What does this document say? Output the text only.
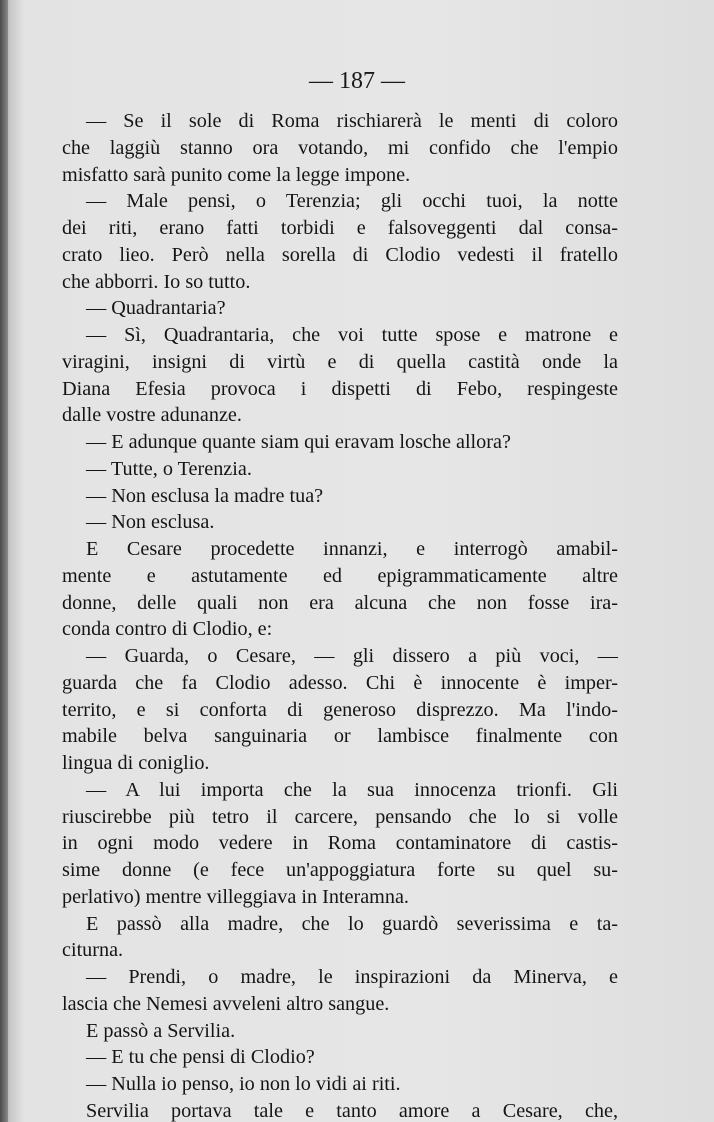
— 187 —
— Se il sole di Roma rischiarerà le menti di coloro
che laggiù stanno ora votando, mi confido che l'empio
misfatto sarà punito come la legge impone.
— Male pensi, o Terenzia; gli occhi tuoi, la notte
dei riti, erano fatti torbidi e falsoveggenti dal consa-
crato lieo. Però nella sorella di Clodio vedesti il fratello
che abborri. Io so tutto.
— Quadrantaria?
— Sì, Quadrantaria, che voi tutte spose e matrone e
viragini, insigni di virtù e di quella castità onde la
Diana Efesia provoca i dispetti di Febo, respingeste
dalle vostre adunanze.
— E adunque quante siam qui eravam losche allora?
— Tutte, o Terenzia.
— Non esclusa la madre tua?
— Non esclusa.
E Cesare procedette innanzi, e interrogò amabil-
mente e astutamente ed epigrammaticamente altre
donne, delle quali non era alcuna che non fosse ira-
conda contro di Clodio, e:
— Guarda, o Cesare, — gli dissero a più voci, —
guarda che fa Clodio adesso. Chi è innocente è imper-
territo, e si conforta di generoso disprezzo. Ma l'indo-
mabile belva sanguinaria or lambisce finalmente con
lingua di coniglio.
— A lui importa che la sua innocenza trionfi. Gli
riuscirebbe più tetro il carcere, pensando che lo si volle
in ogni modo vedere in Roma contaminatore di castis-
sime donne (e fece un'appoggiatura forte su quel su-
perlativo) mentre villeggiava in Interamna.
E passò alla madre, che lo guardò severissima e ta-
citurna.
— Prendi, o madre, le inspirazioni da Minerva, e
lascia che Nemesi avveleni altro sangue.
E passò a Servilia.
— E tu che pensi di Clodio?
— Nulla io penso, io non lo vidi ai riti.
Servilia portava tale e tanto amore a Cesare, che,
